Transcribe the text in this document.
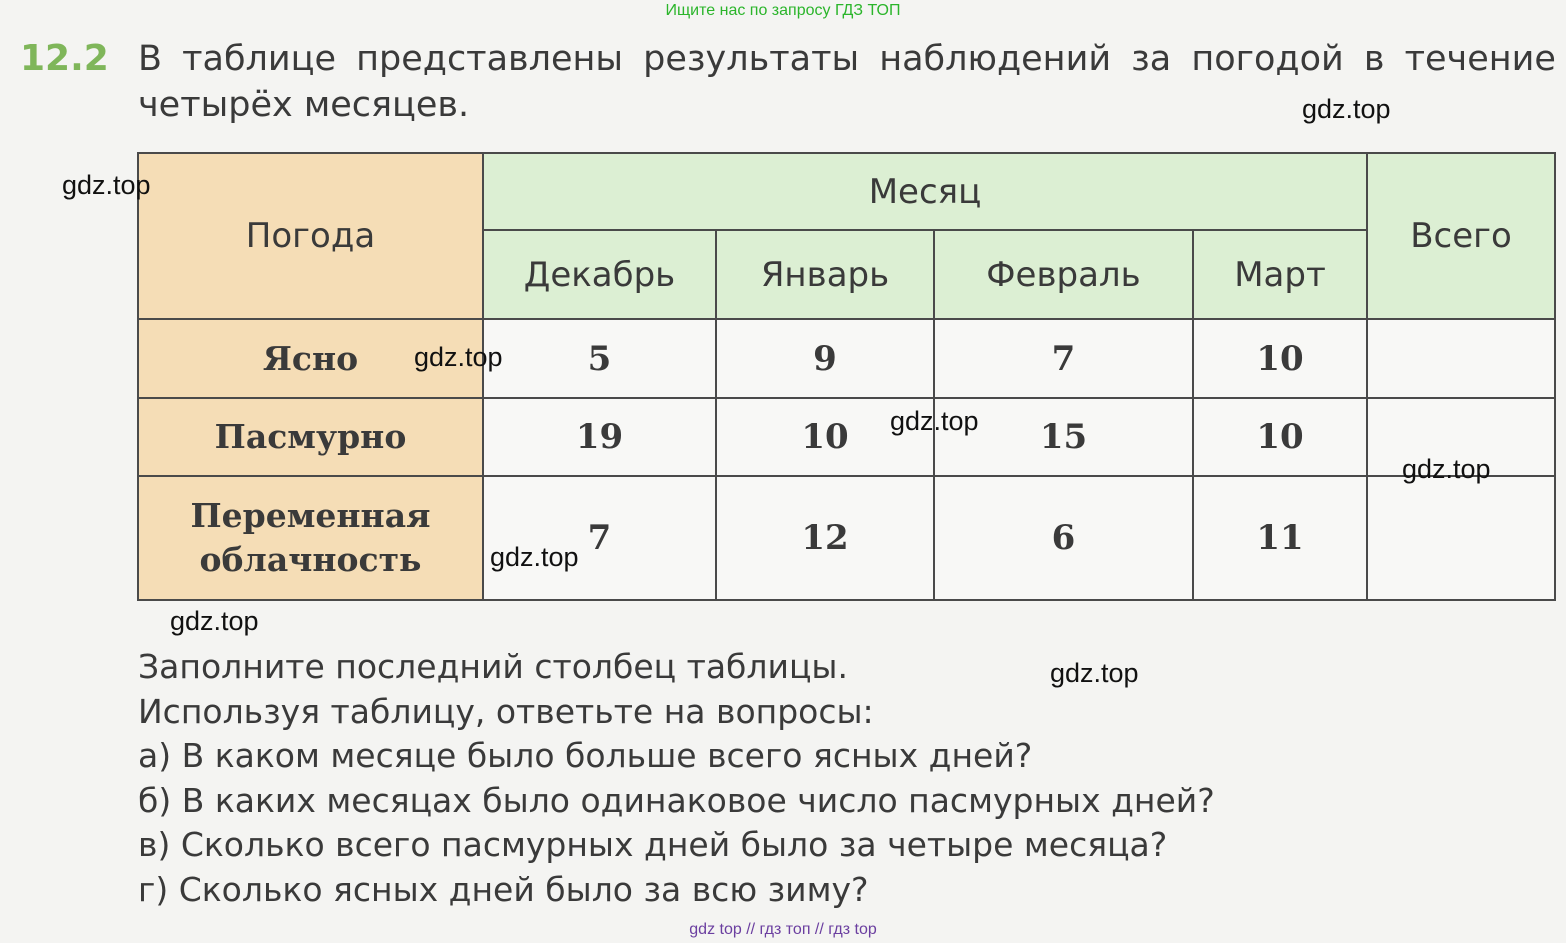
Ищите нас по запросу ГДЗ ТОП
12.2 В таблице представлены результаты наблюдений за погодой в течение
четырёх месяцев.
Погода	Месяц				Всего
	Декабрь	Январь	Февраль	Март	
Ясно	5	9	7	10	
Пасмурно	19	10	15	10	

Переменная
облачность	7	12	6	11	
Заполните последний столбец таблицы.
Используя таблицу, ответьте на вопросы:
а) В каком месяце было больше всего ясных дней?
б) В каких месяцах было одинаковое число пасмурных дней?
в) Сколько всего пасмурных дней было за четыре месяца?
г) Сколько ясных дней было за всю зиму?
gdz.top
gdz.top
gdz.top
gdz.top
gdz.top
gdz.top
gdz.top
gdz.top
gdz top // гдз топ // гдз top
